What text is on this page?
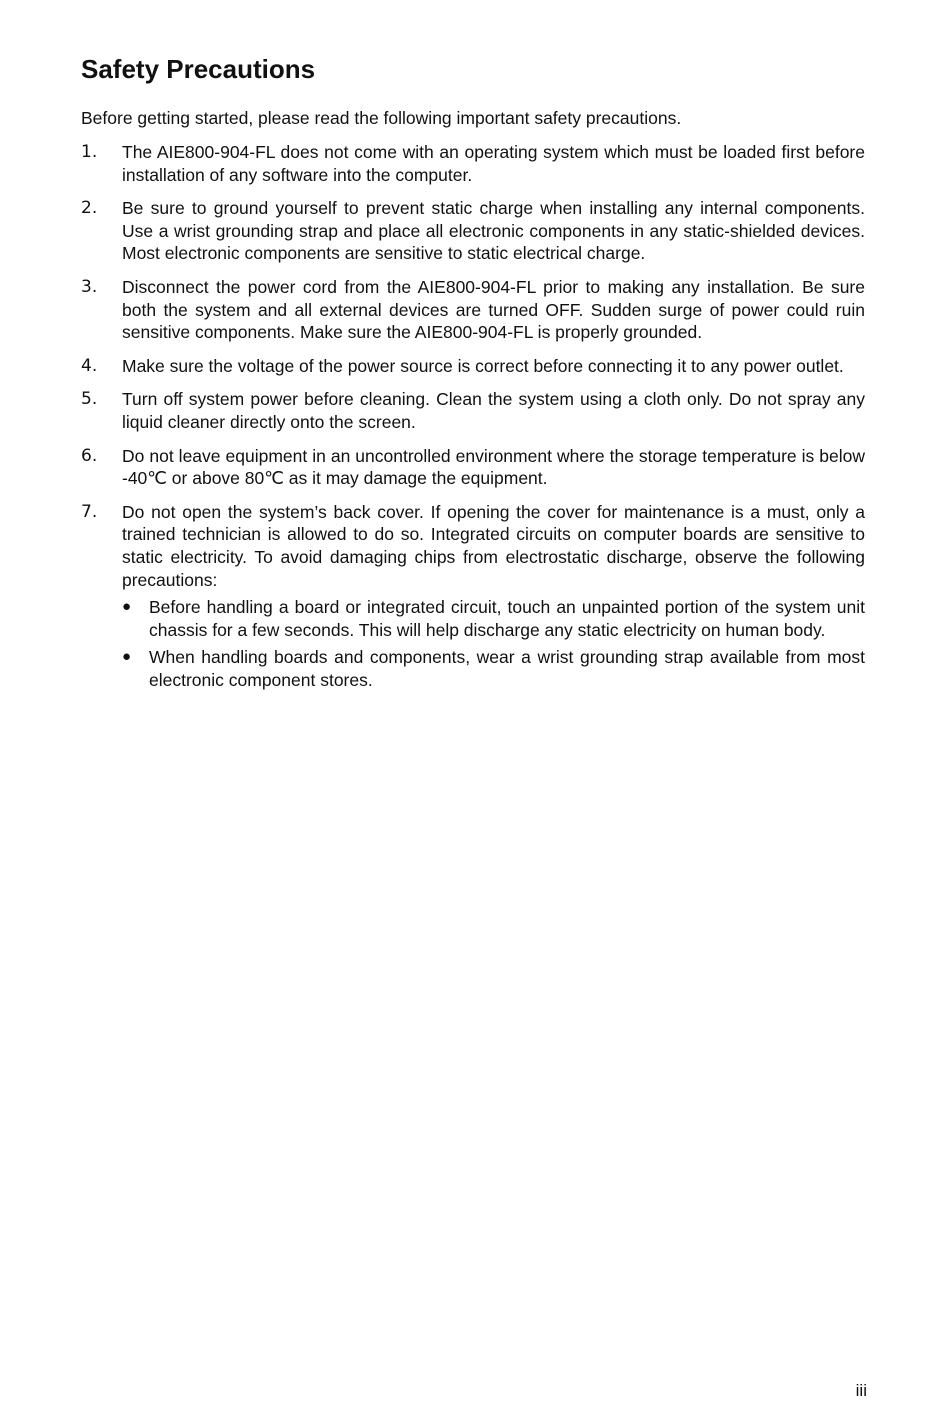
Safety Precautions

Before getting started, please read the following important safety precautions.

1. The AIE800-904-FL does not come with an operating system which must be loaded first before installation of any software into the computer.
2. Be sure to ground yourself to prevent static charge when installing any internal components. Use a wrist grounding strap and place all electronic components in any static-shielded devices. Most electronic components are sensitive to static electrical charge.
3. Disconnect the power cord from the AIE800-904-FL prior to making any installation. Be sure both the system and all external devices are turned OFF. Sudden surge of power could ruin sensitive components. Make sure the AIE800-904-FL is properly grounded.
4. Make sure the voltage of the power source is correct before connecting it to any power outlet.
5. Turn off system power before cleaning. Clean the system using a cloth only. Do not spray any liquid cleaner directly onto the screen.
6. Do not leave equipment in an uncontrolled environment where the storage temperature is below -40℃ or above 80℃ as it may damage the equipment.
7. Do not open the system’s back cover. If opening the cover for maintenance is a must, only a trained technician is allowed to do so. Integrated circuits on computer boards are sensitive to static electricity. To avoid damaging chips from electrostatic discharge, observe the following precautions:
● Before handling a board or integrated circuit, touch an unpainted portion of the system unit chassis for a few seconds. This will help discharge any static electricity on human body.
● When handling boards and components, wear a wrist grounding strap available from most electronic component stores.
iii
